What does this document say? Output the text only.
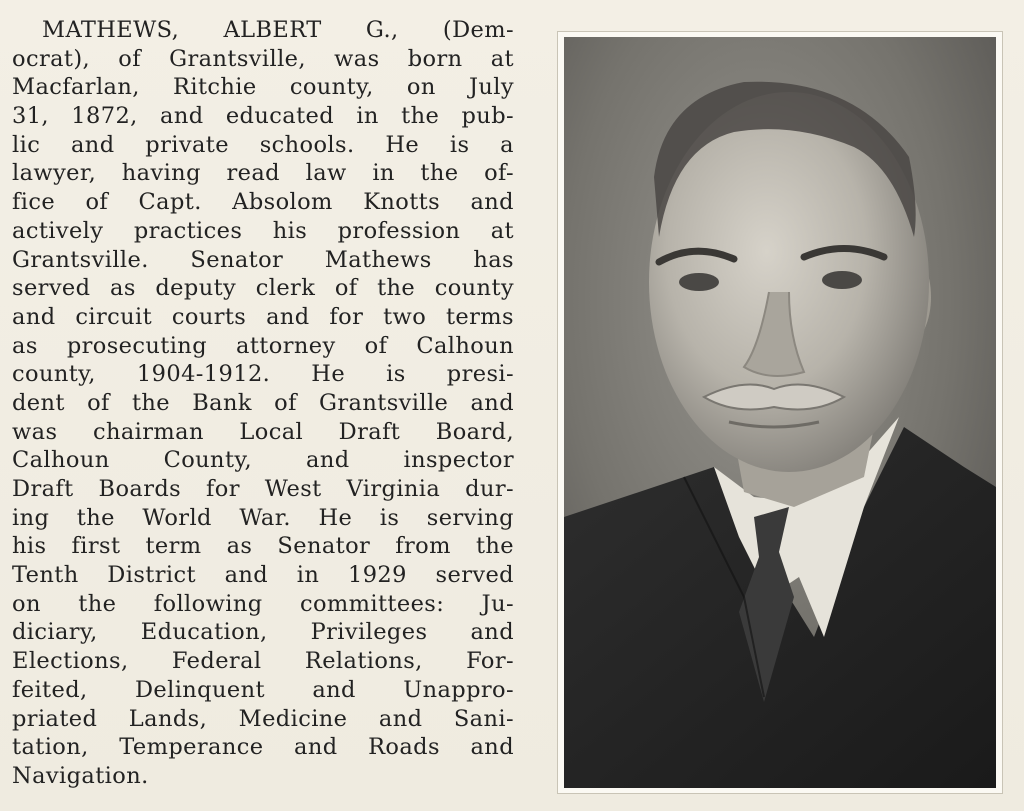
MATHEWS, ALBERT G., (Dem-
ocrat), of Grantsville, was born at
Macfarlan, Ritchie county, on July
31, 1872, and educated in the pub-
lic and private schools. He is a
lawyer, having read law in the of-
fice of Capt. Absolom Knotts and
actively practices his profession at
Grantsville. Senator Mathews has
served as deputy clerk of the county
and circuit courts and for two terms
as prosecuting attorney of Calhoun
county, 1904-1912. He is presi-
dent of the Bank of Grantsville and
was chairman Local Draft Board,
Calhoun County, and inspector
Draft Boards for West Virginia dur-
ing the World War. He is serving
his first term as Senator from the
Tenth District and in 1929 served
on the following committees: Ju-
diciary, Education, Privileges and
Elections, Federal Relations, For-
feited, Delinquent and Unappro-
priated Lands, Medicine and Sani-
tation, Temperance and Roads and
Navigation.
